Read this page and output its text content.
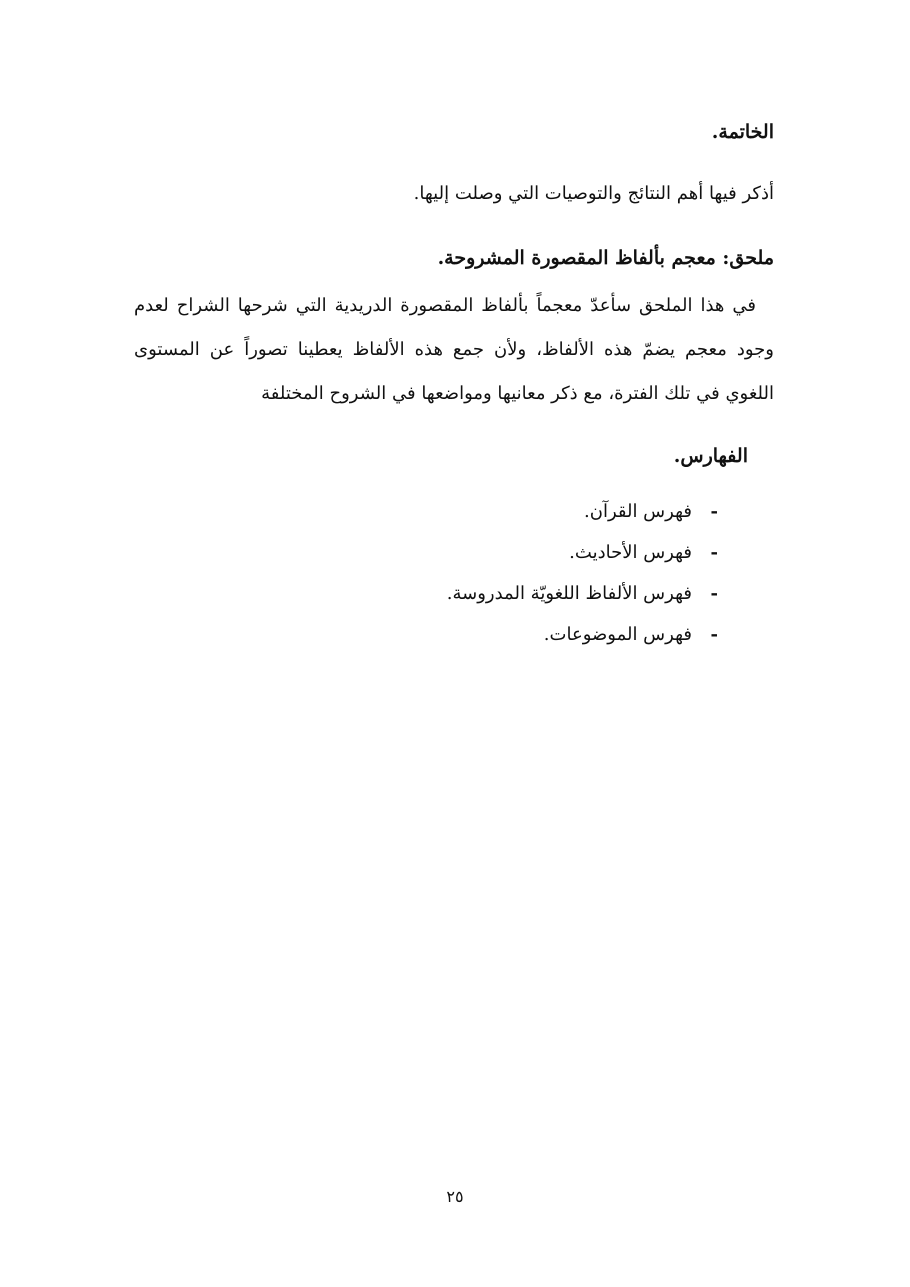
الخاتمة.
أذكر فيها أهم النتائج والتوصيات التي وصلت إليها.
ملحق: معجم بألفاظ المقصورة المشروحة.
في هذا الملحق سأعدّ معجماً بألفاظ المقصورة الدريدية التي شرحها الشراح لعدم وجود معجم يضمّ هذه الألفاظ، ولأن جمع هذه الألفاظ يعطينا تصوراً عن المستوى اللغوي في تلك الفترة، مع ذكر معانيها ومواضعها في الشروح المختلفة
الفهارس.
-
فهرس القرآن.
-
فهرس الأحاديث.
-
فهرس الألفاظ اللغويّة المدروسة.
-
فهرس الموضوعات.
٢٥
